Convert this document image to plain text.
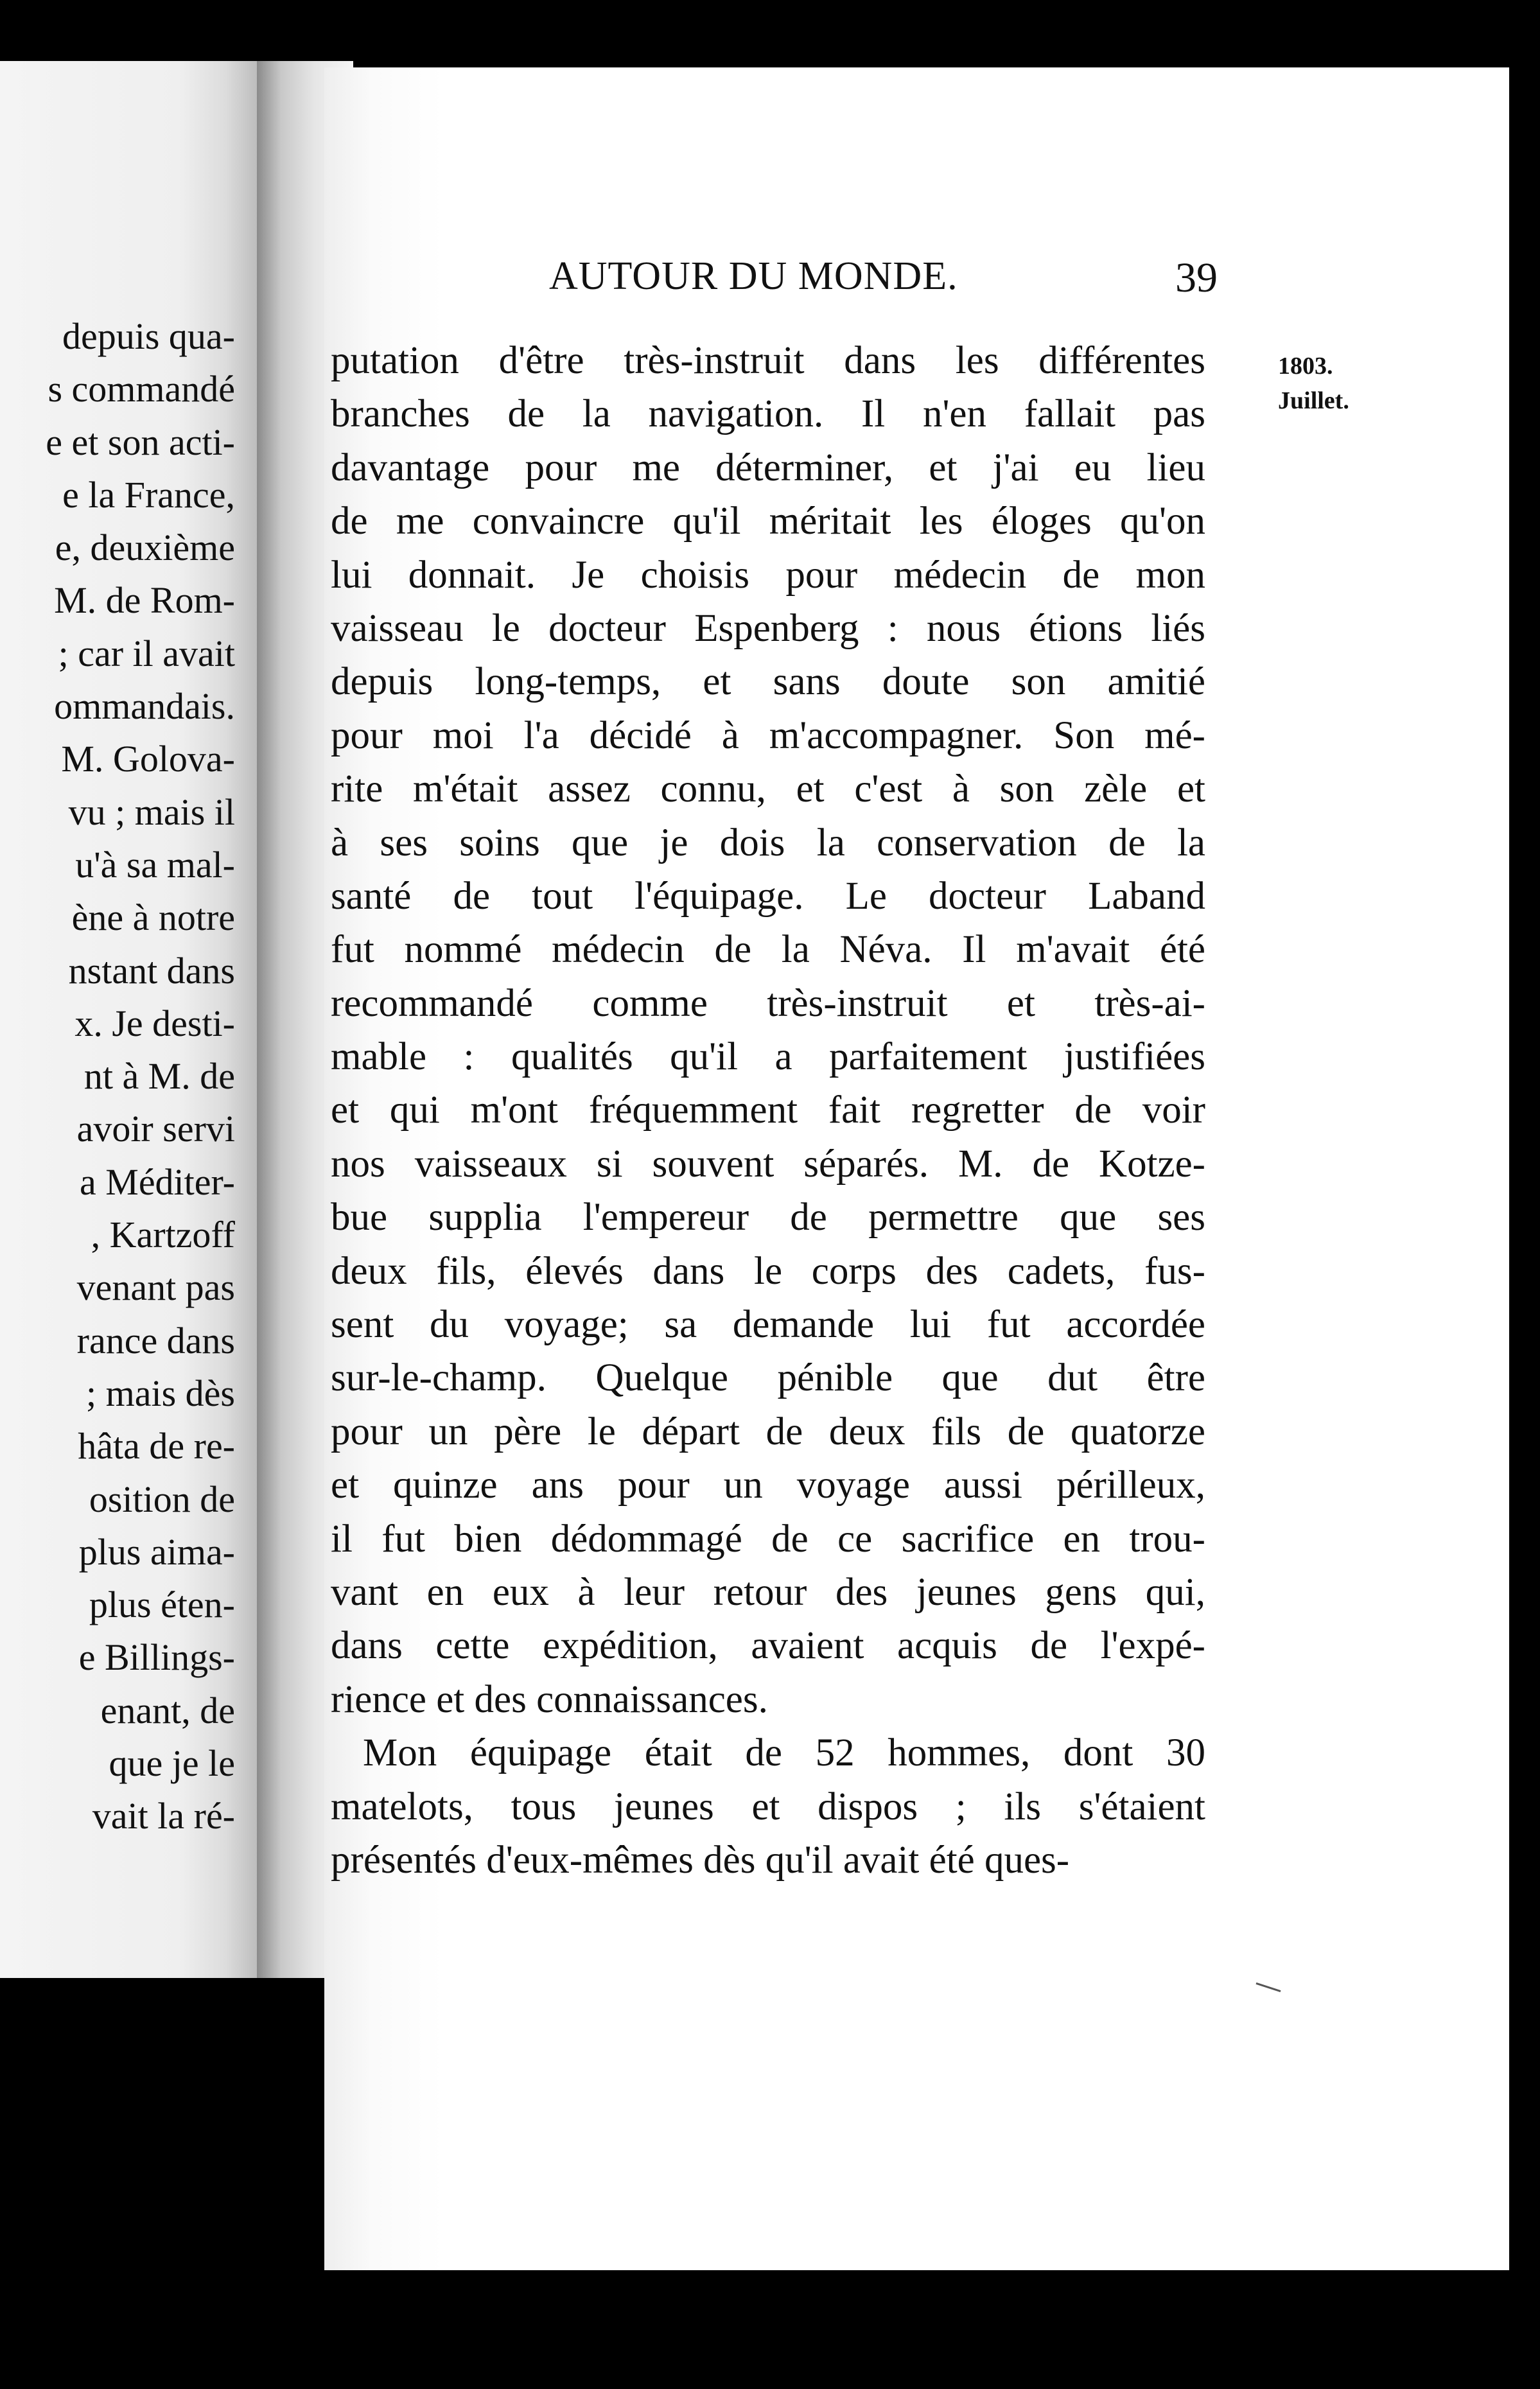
depuis qua-
s commandé
e et son acti-
e la France,
e, deuxième
M. de Rom-
; car il avait
ommandais.
M. Golova-
vu ; mais il
u'à sa mal-
ène à notre
nstant dans
x. Je desti-
nt à M. de
avoir servi
a Méditer-
, Kartzoff
venant pas
rance dans
; mais dès
hâta de re-
osition de
plus aima-
plus éten-
e Billings-
enant, de
que je le
vait la ré-
AUTOUR DU MONDE.	39
1803.
Juillet.
putation d'être très-instruit dans les différentes
branches de la navigation. Il n'en fallait pas
davantage pour me déterminer, et j'ai eu lieu
de me convaincre qu'il méritait les éloges qu'on
lui donnait. Je choisis pour médecin de mon
vaisseau le docteur Espenberg : nous étions liés
depuis long-temps, et sans doute son amitié
pour moi l'a décidé à m'accompagner. Son mé-
rite m'était assez connu, et c'est à son zèle et
à ses soins que je dois la conservation de la
santé de tout l'équipage. Le docteur Laband
fut nommé médecin de la Néva. Il m'avait été
recommandé comme très-instruit et très-ai-
mable : qualités qu'il a parfaitement justifiées
et qui m'ont fréquemment fait regretter de voir
nos vaisseaux si souvent séparés. M. de Kotze-
bue supplia l'empereur de permettre que ses
deux fils, élevés dans le corps des cadets, fus-
sent du voyage; sa demande lui fut accordée
sur-le-champ. Quelque pénible que dut être
pour un père le départ de deux fils de quatorze
et quinze ans pour un voyage aussi périlleux,
il fut bien dédommagé de ce sacrifice en trou-
vant en eux à leur retour des jeunes gens qui,
dans cette expédition, avaient acquis de l'expé-
rience et des connaissances.
Mon équipage était de 52 hommes, dont 30
matelots, tous jeunes et dispos ; ils s'étaient
présentés d'eux-mêmes dès qu'il avait été ques-
